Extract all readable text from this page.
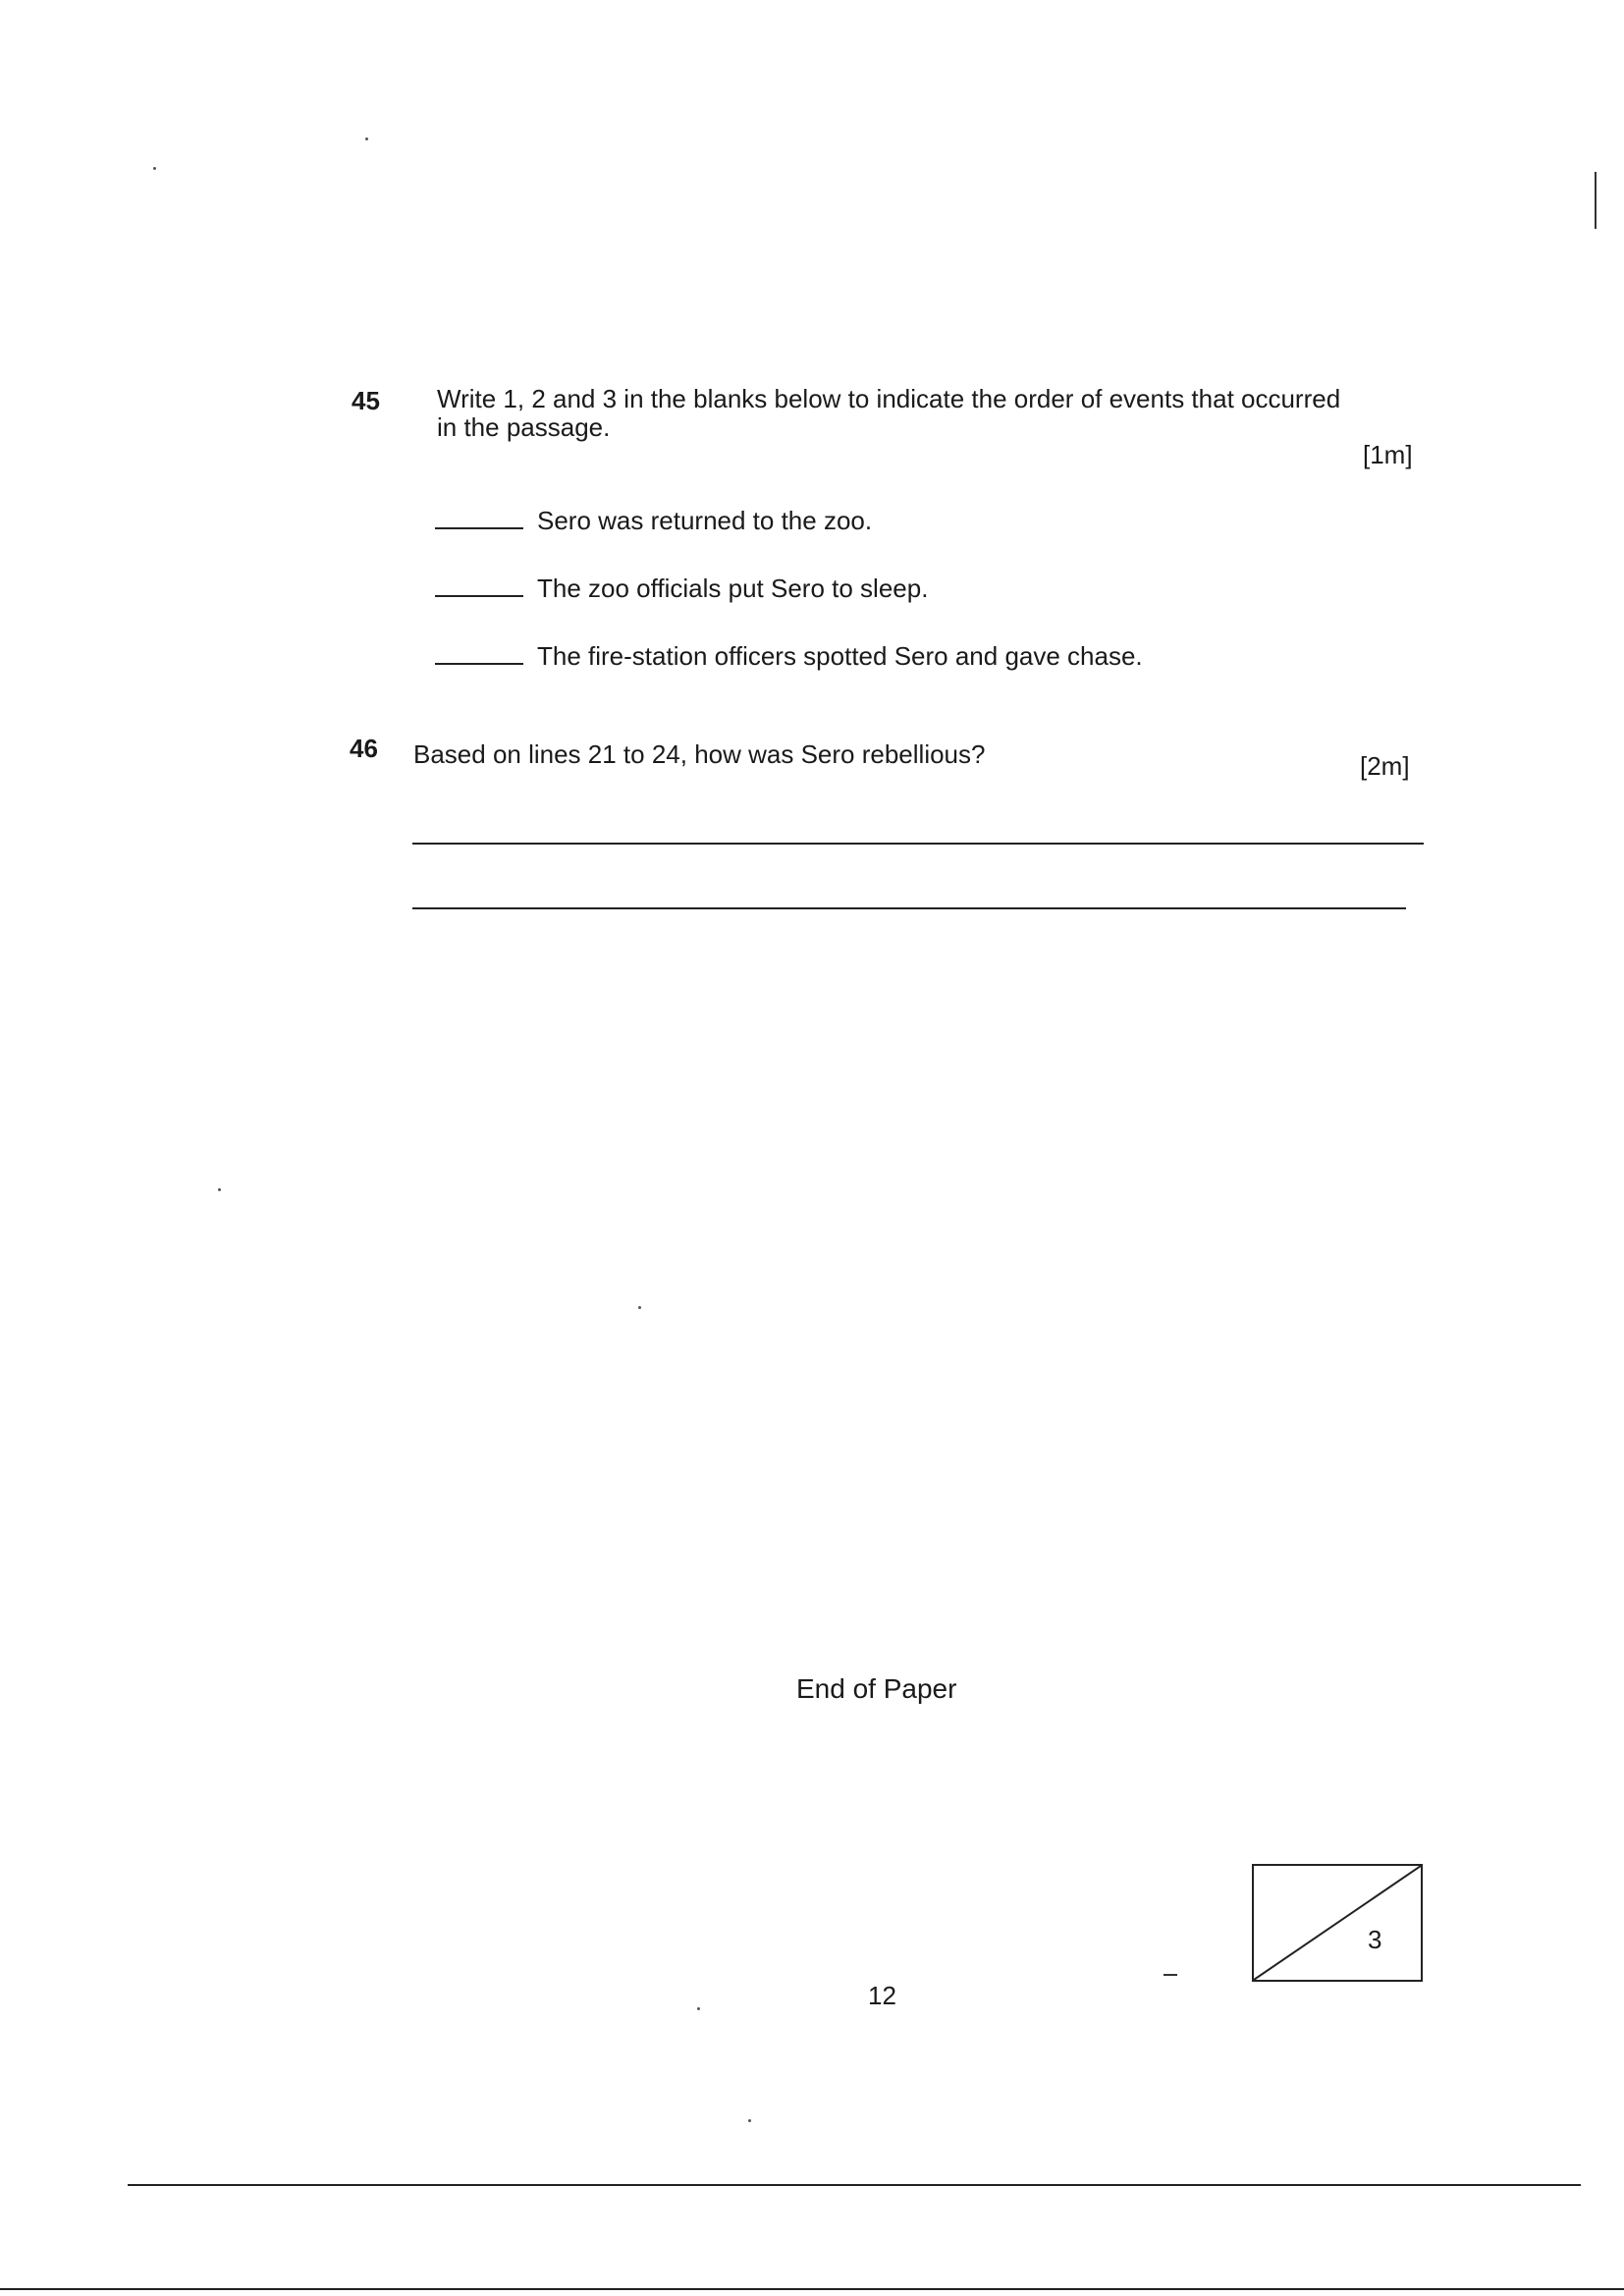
45 Write 1, 2 and 3 in the blanks below to indicate the order of events that occurred
in the passage.
[1m]
Sero was returned to the zoo.
The zoo officials put Sero to sleep.
The fire-station officers spotted Sero and gave chase.
46 Based on lines 21 to 24, how was Sero rebellious?	[2m]
End of Paper
3
12
